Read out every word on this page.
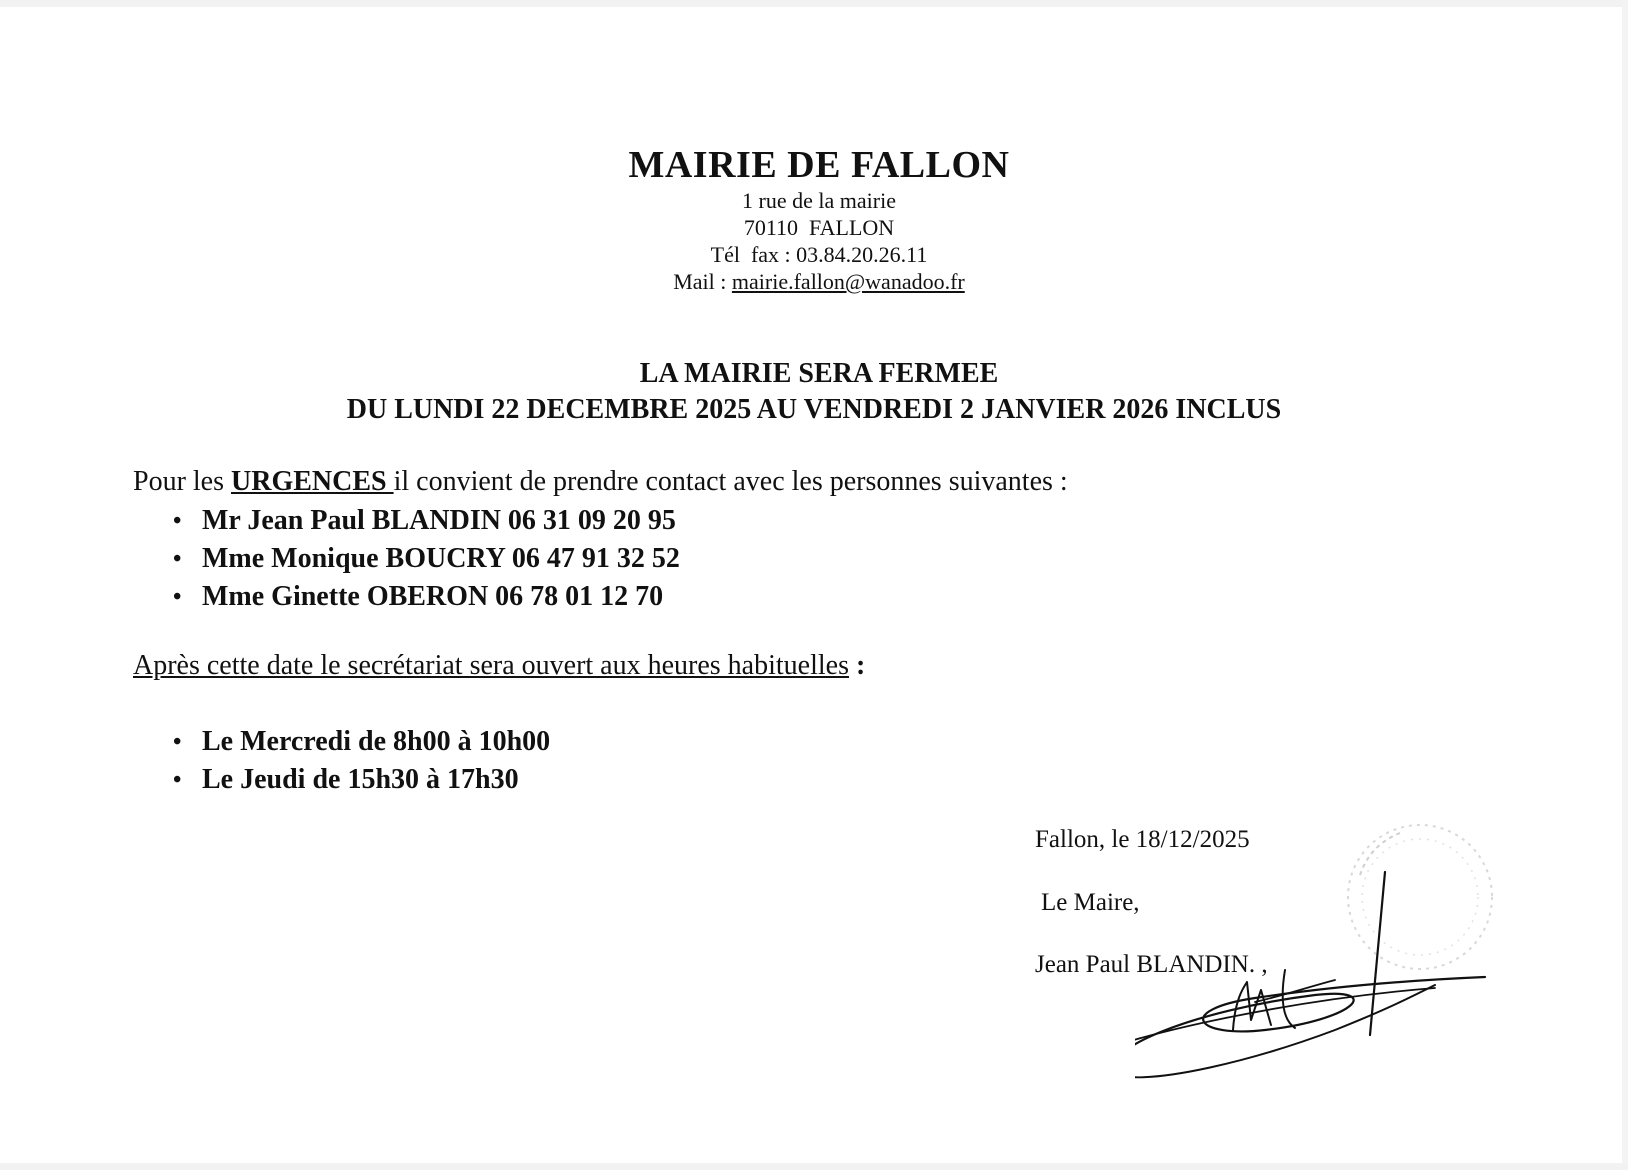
MAIRIE DE FALLON
1 rue de la mairie
70110  FALLON
Tél  fax : 03.84.20.26.11
Mail : mairie.fallon@wanadoo.fr
LA MAIRIE SERA FERMEE
DU LUNDI 22 DECEMBRE 2025 AU VENDREDI 2 JANVIER 2026 INCLUS
Pour les URGENCES il convient de prendre contact avec les personnes suivantes :
• Mr Jean Paul BLANDIN 06 31 09 20 95
• Mme Monique BOUCRY 06 47 91 32 52
• Mme Ginette OBERON 06 78 01 12 70
Après cette date le secrétariat sera ouvert aux heures habituelles :
• Le Mercredi de 8h00 à 10h00
• Le Jeudi de 15h30 à 17h30
Fallon, le 18/12/2025
Le Maire,
Jean Paul BLANDIN. ,
